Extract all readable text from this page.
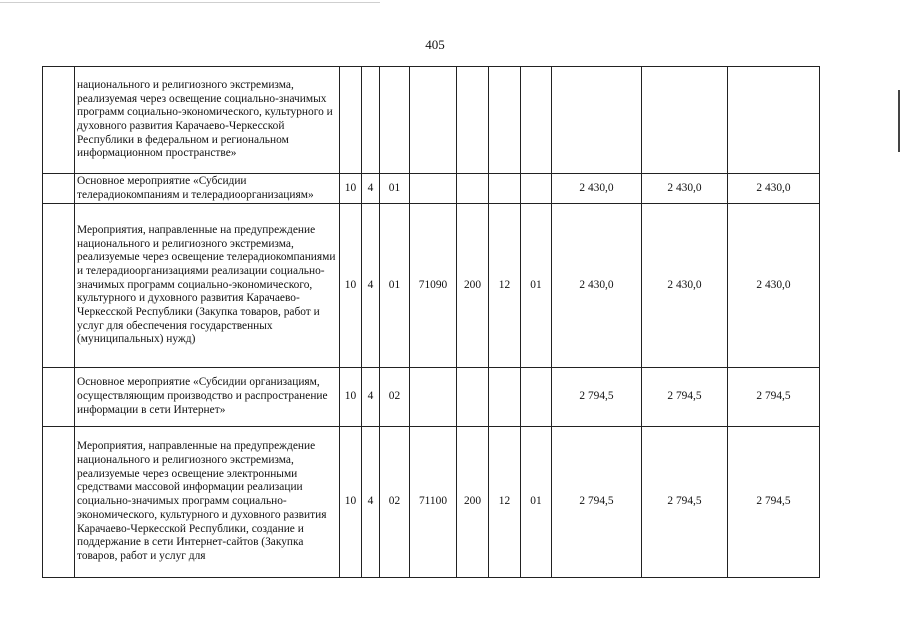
405
	национального и религиозного экстремизма, реализуемая через освещение социально-значимых программ социально-экономического, культурного и духовного развития Карачаево-Черкесской Республики в федеральном и региональном информационном пространстве»										
	Основное мероприятие «Субсидии телерадиокомпаниям и телерадиоорганизациям»	10	4	01					2 430,0	2 430,0	2 430,0
	Мероприятия, направленные на предупреждение национального и религиозного экстремизма, реализуемые через освещение телерадиокомпаниями и телерадиоорганизациями реализации социально-значимых программ социально-экономического, культурного и духовного развития Карачаево-Черкесской Республики (Закупка товаров, работ и услуг для обеспечения государственных (муниципальных) нужд)	10	4	01	71090	200	12	01	2 430,0	2 430,0	2 430,0
	Основное мероприятие «Субсидии организациям, осуществляющим производство и распространение информации в сети Интернет»	10	4	02					2 794,5	2 794,5	2 794,5
	Мероприятия, направленные на предупреждение национального и религиозного экстремизма, реализуемые через освещение электронными средствами массовой информации реализации социально-значимых программ социально-экономического, культурного и духовного развития Карачаево-Черкесской Республики, создание и поддержание в сети Интернет-сайтов (Закупка товаров, работ и услуг для	10	4	02	71100	200	12	01	2 794,5	2 794,5	2 794,5
